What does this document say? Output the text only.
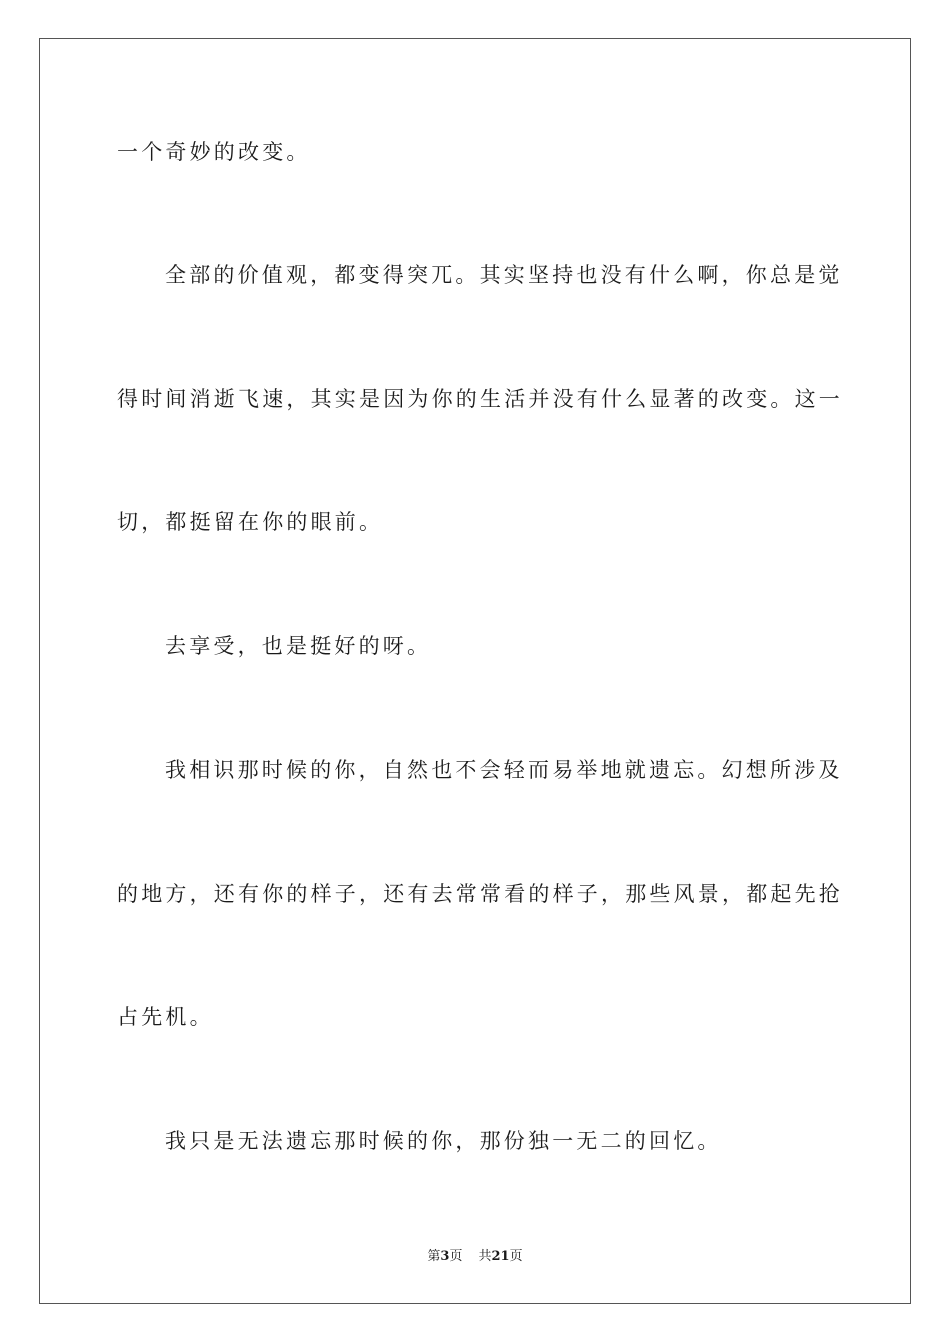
一个奇妙的改变。
全部的价值观，都变得突兀。其实坚持也没有什么啊，你总是觉
得时间消逝飞速，其实是因为你的生活并没有什么显著的改变。这一
切，都挺留在你的眼前。
去享受，也是挺好的呀。
我相识那时候的你，自然也不会轻而易举地就遗忘。幻想所涉及
的地方，还有你的样子，还有去常常看的样子，那些风景，都起先抢
占先机。
我只是无法遗忘那时候的你，那份独一无二的回忆。
第3页 共21页
